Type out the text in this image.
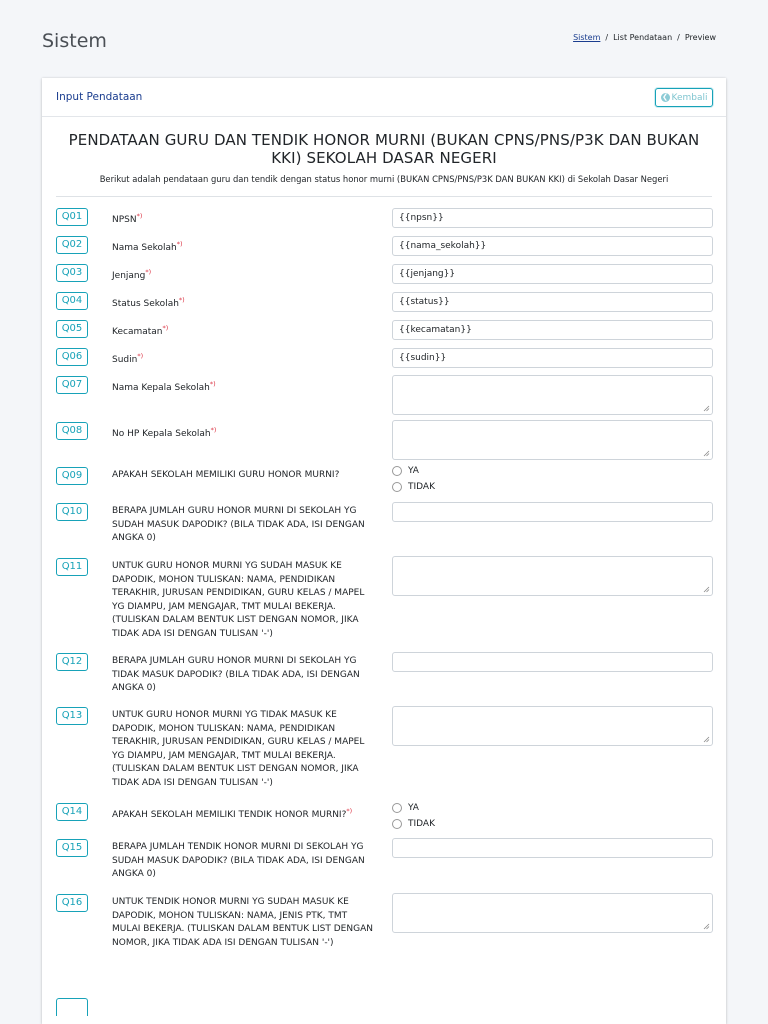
Sistem	Sistem / List Pendataan / Preview
Input Pendataan	❮ Kembali
PENDATAAN GURU DAN TENDIK HONOR MURNI (BUKAN CPNS/PNS/P3K DAN BUKAN KKI) SEKOLAH DASAR NEGERI
Berikut adalah pendataan guru dan tendik dengan status honor murni (BUKAN CPNS/PNS/P3K DAN BUKAN KKI) di Sekolah Dasar Negeri
Q01	NPSN*)	{{npsn}}
Q02	Nama Sekolah*)	{{nama_sekolah}}
Q03	Jenjang*)	{{jenjang}}
Q04	Status Sekolah*)	{{status}}
Q05	Kecamatan*)	{{kecamatan}}
Q06	Sudin*)	{{sudin}}
Q07	Nama Kepala Sekolah*)
Q08	No HP Kepala Sekolah*)
Q09	APAKAH SEKOLAH MEMILIKI GURU HONOR MURNI?	YA
TIDAK
Q10	BERAPA JUMLAH GURU HONOR MURNI DI SEKOLAH YG SUDAH MASUK DAPODIK? (BILA TIDAK ADA, ISI DENGAN ANGKA 0)
Q11	UNTUK GURU HONOR MURNI YG SUDAH MASUK KE DAPODIK, MOHON TULISKAN: NAMA, PENDIDIKAN TERAKHIR, JURUSAN PENDIDIKAN, GURU KELAS / MAPEL YG DIAMPU, JAM MENGAJAR, TMT MULAI BEKERJA. (TULISKAN DALAM BENTUK LIST DENGAN NOMOR, JIKA TIDAK ADA ISI DENGAN TULISAN '-')
Q12	BERAPA JUMLAH GURU HONOR MURNI DI SEKOLAH YG TIDAK MASUK DAPODIK? (BILA TIDAK ADA, ISI DENGAN ANGKA 0)
Q13	UNTUK GURU HONOR MURNI YG TIDAK MASUK KE DAPODIK, MOHON TULISKAN: NAMA, PENDIDIKAN TERAKHIR, JURUSAN PENDIDIKAN, GURU KELAS / MAPEL YG DIAMPU, JAM MENGAJAR, TMT MULAI BEKERJA. (TULISKAN DALAM BENTUK LIST DENGAN NOMOR, JIKA TIDAK ADA ISI DENGAN TULISAN '-')
Q14	APAKAH SEKOLAH MEMILIKI TENDIK HONOR MURNI?*)	YA
TIDAK
Q15	BERAPA JUMLAH TENDIK HONOR MURNI DI SEKOLAH YG SUDAH MASUK DAPODIK? (BILA TIDAK ADA, ISI DENGAN ANGKA 0)
Q16	UNTUK TENDIK HONOR MURNI YG SUDAH MASUK KE DAPODIK, MOHON TULISKAN: NAMA, JENIS PTK, TMT MULAI BEKERJA. (TULISKAN DALAM BENTUK LIST DENGAN NOMOR, JIKA TIDAK ADA ISI DENGAN TULISAN '-')
